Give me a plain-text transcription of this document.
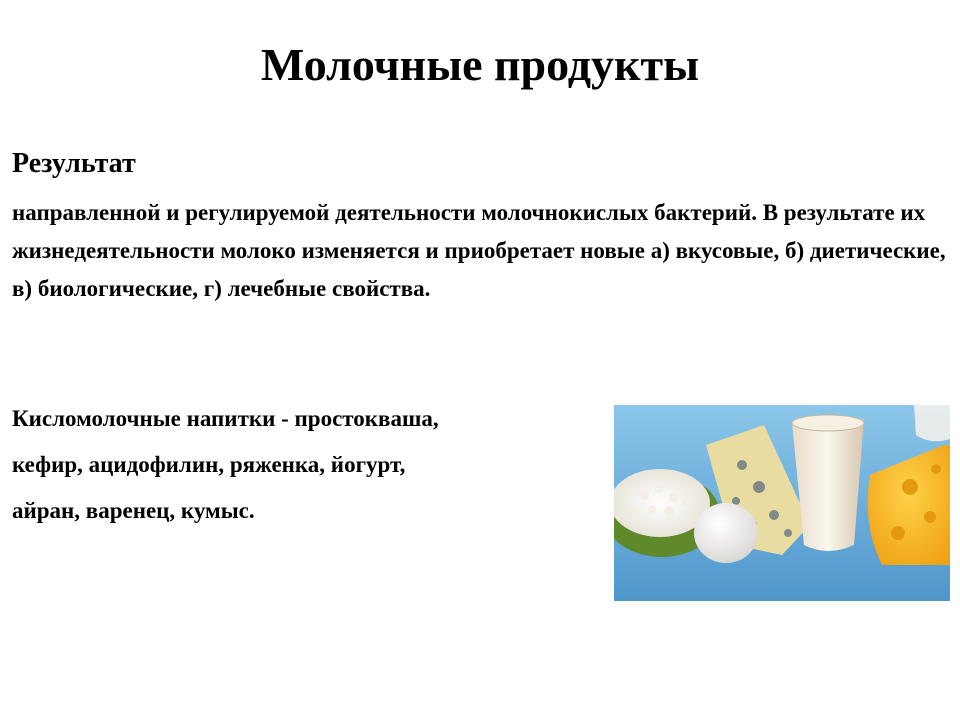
Молочные продукты

Результат

направленной и регулируемой деятельности молочнокислых бактерий. В результате их жизнедеятельности молоко изменяется и приобретает новые а) вкусовые, б) диетические, в) биологические, г) лечебные свойства.

Кисломолочные напитки - простокваша,
кефир, ацидофилин, ряженка, йогурт,
айран, варенец, кумыс.
